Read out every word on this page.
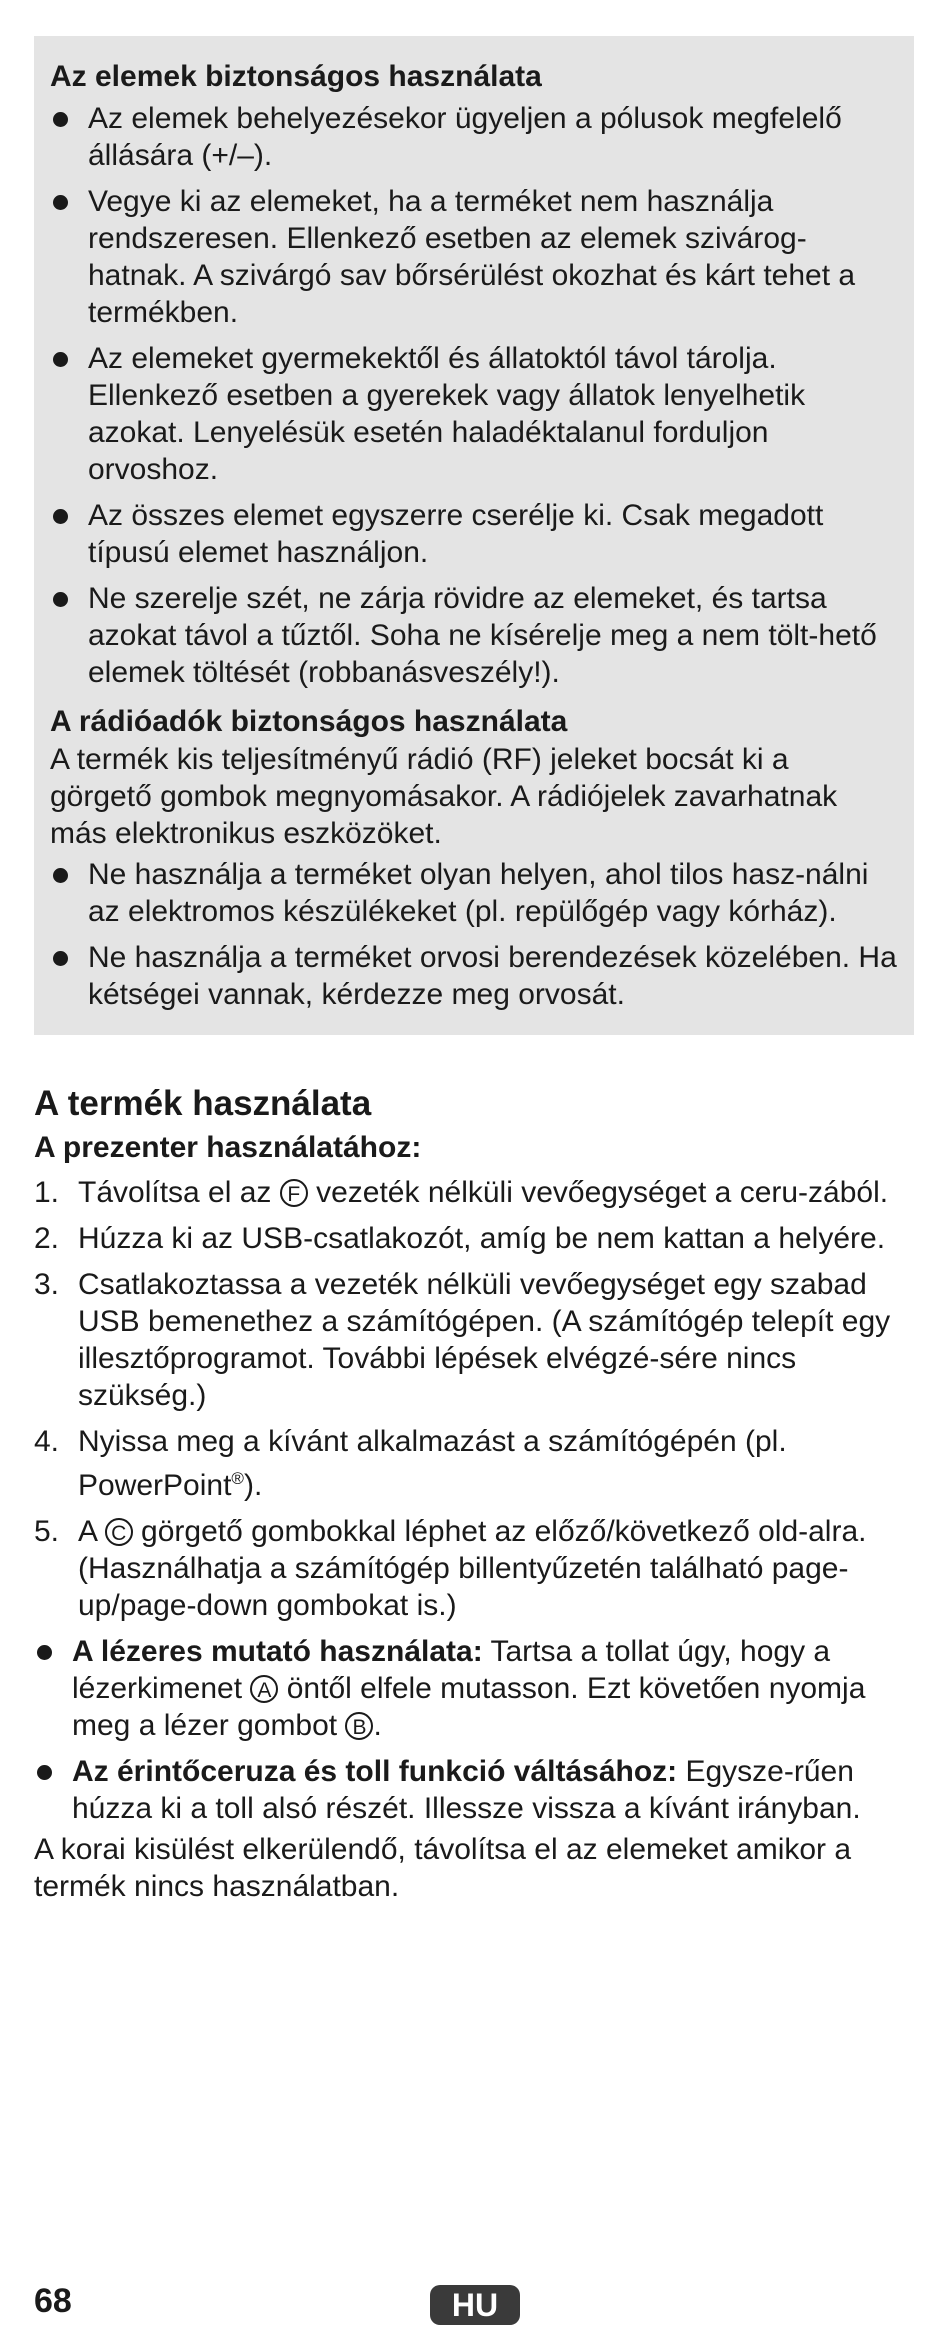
Az elemek biztonságos használata

Az elemek behelyezésekor ügyeljen a pólusok megfelelő állására (+/–).
Vegye ki az elemeket, ha a terméket nem használja rendszeresen. Ellenkező esetben az elemek szivárog-hatnak. A szivárgó sav bőrsérülést okozhat és kárt tehet a termékben.
Az elemeket gyermekektől és állatoktól távol tárolja. Ellenkező esetben a gyerekek vagy állatok lenyelhetik azokat. Lenyelésük esetén haladéktalanul forduljon orvoshoz.
Az összes elemet egyszerre cserélje ki. Csak megadott típusú elemet használjon.
Ne szerelje szét, ne zárja rövidre az elemeket, és tartsa azokat távol a tűztől. Soha ne kísérelje meg a nem tölt-hető elemek töltését (robbanásveszély!).

A rádióadók biztonságos használata

A termék kis teljesítményű rádió (RF) jeleket bocsát ki a görgető gombok megnyomásakor. A rádiójelek zavarhatnak más elektronikus eszközöket.

Ne használja a terméket olyan helyen, ahol tilos hasz-nálni az elektromos készülékeket (pl. repülőgép vagy kórház).
Ne használja a terméket orvosi berendezések közelében. Ha kétségei vannak, kérdezze meg orvosát.
A termék használata

A prezenter használatához:

1. Távolítsa el az F vezeték nélküli vevőegységet a ceru-zából.
2. Húzza ki az USB-csatlakozót, amíg be nem kattan a helyére.
3. Csatlakoztassa a vezeték nélküli vevőegységet egy szabad USB bemenethez a számítógépen. (A számítógép telepít egy illesztőprogramot. További lépések elvégzé-sére nincs szükség.)
4. Nyissa meg a kívánt alkalmazást a számítógépén (pl. PowerPoint®).
5. A C görgető gombokkal léphet az előző/következő old-alra. (Használhatja a számítógép billentyűzetén található page-up/page-down gombokat is.)
A lézeres mutató használata: Tartsa a tollat úgy, hogy a lézerkimenet A öntől elfele mutasson. Ezt követően nyomja meg a lézer gombot B .
Az érintőceruza és toll funkció váltásához: Egysze-rűen húzza ki a toll alsó részét. Illessze vissza a kívánt irányban.

A korai kisülést elkerülendő, távolítsa el az elemeket amikor a termék nincs használatban.

68	HU
